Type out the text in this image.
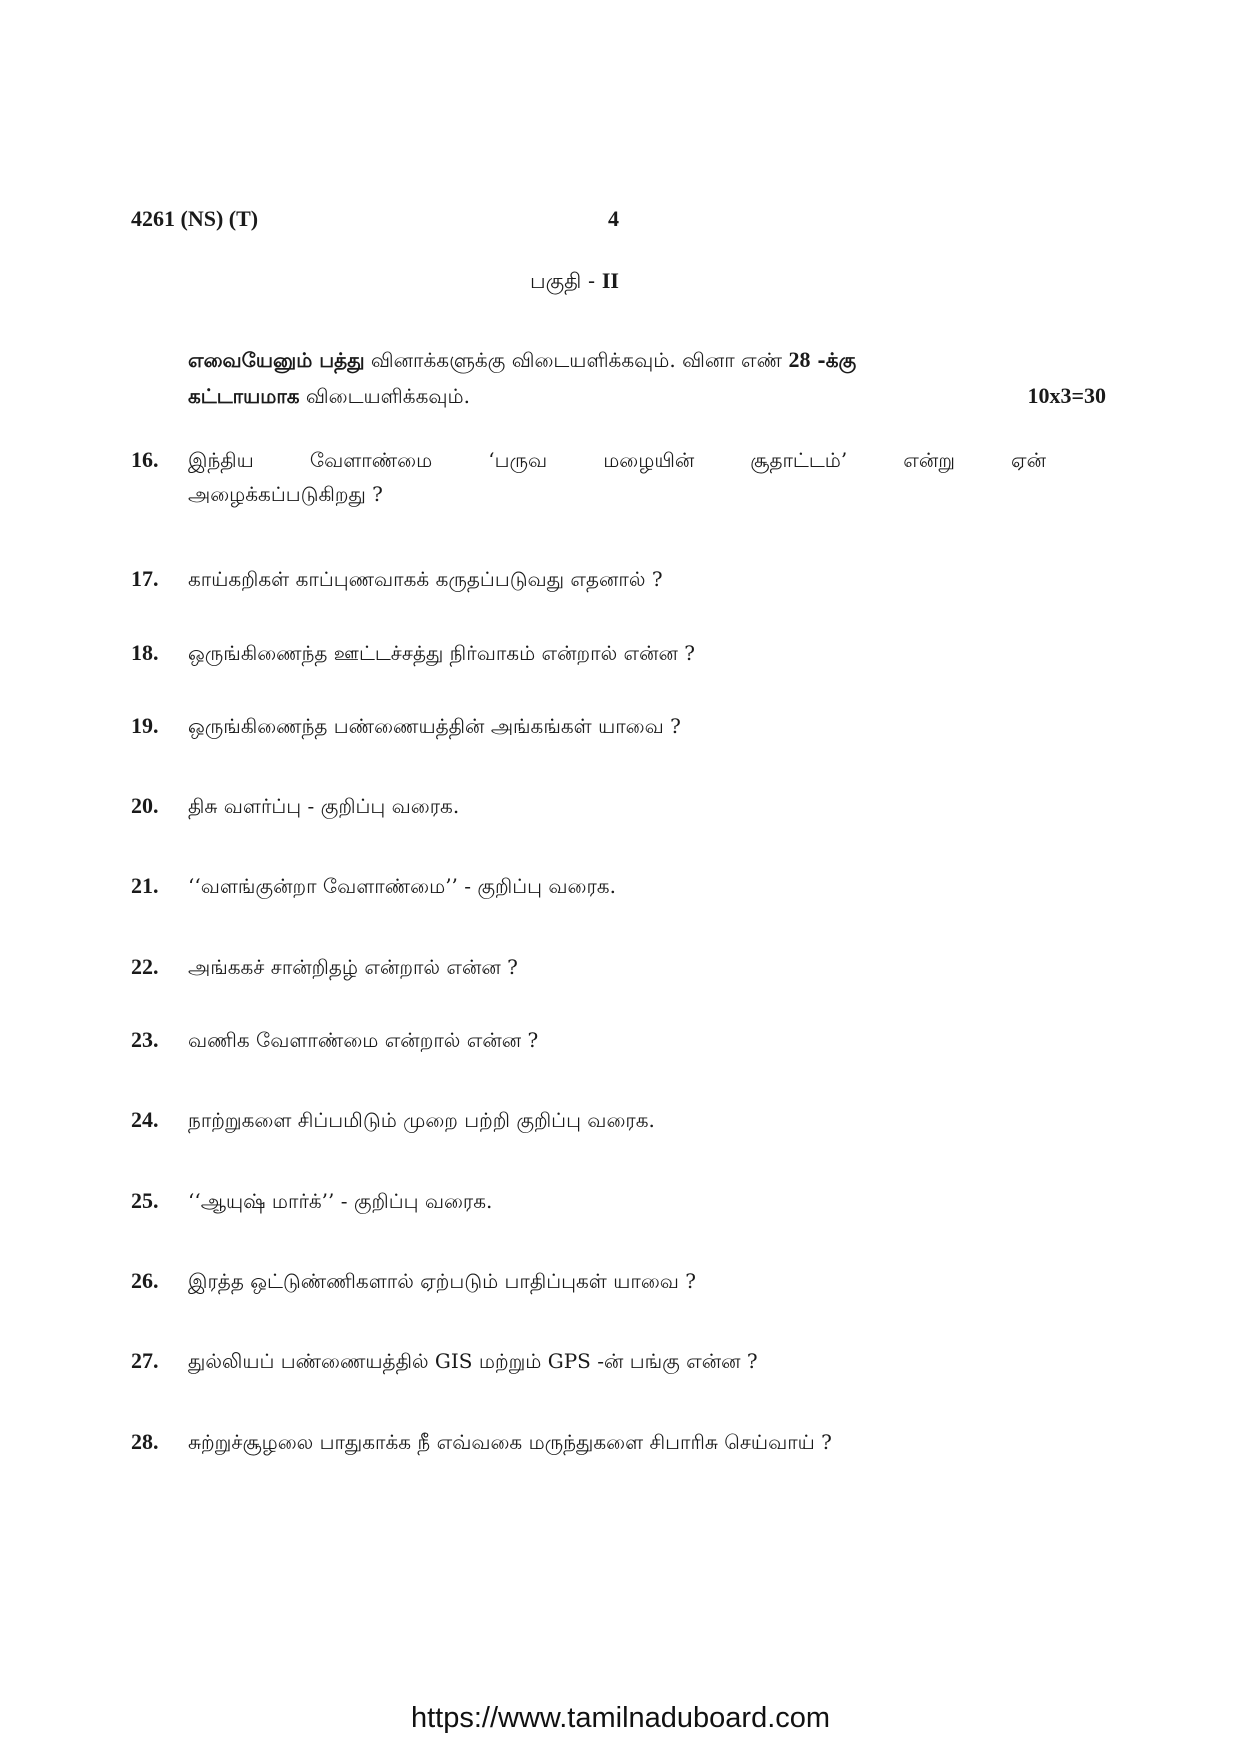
4261 (NS) (T)	4
பகுதி - II
எவையேனும் பத்து வினாக்களுக்கு விடையளிக்கவும். வினா எண் 28 -க்கு
கட்டாயமாக விடையளிக்கவும்.	10x3=30
16.	இந்திய	வேளாண்மை	‘பருவ	மழையின்	சூதாட்டம்’	என்று	ஏன்
அழைக்கப்படுகிறது ?
17.	காய்கறிகள் காப்புணவாகக் கருதப்படுவது எதனால் ?
18.	ஒருங்கிணைந்த ஊட்டச்சத்து நிர்வாகம் என்றால் என்ன ?
19.	ஒருங்கிணைந்த பண்ணையத்தின் அங்கங்கள் யாவை ?
20.	திசு வளர்ப்பு - குறிப்பு வரைக.
21.	‘‘வளங்குன்றா வேளாண்மை’’ - குறிப்பு வரைக.
22.	அங்ககச் சான்றிதழ் என்றால் என்ன ?
23.	வணிக வேளாண்மை என்றால் என்ன ?
24.	நாற்றுகளை சிப்பமிடும் முறை பற்றி குறிப்பு வரைக.
25.	‘‘ஆயுஷ் மார்க்’’ - குறிப்பு வரைக.
26.	இரத்த ஒட்டுண்ணிகளால் ஏற்படும் பாதிப்புகள் யாவை ?
27.	துல்லியப் பண்ணையத்தில் GIS மற்றும் GPS -ன் பங்கு என்ன ?
28.	சுற்றுச்சூழலை பாதுகாக்க நீ எவ்வகை மருந்துகளை சிபாரிசு செய்வாய் ?
https://www.tamilnaduboard.com
